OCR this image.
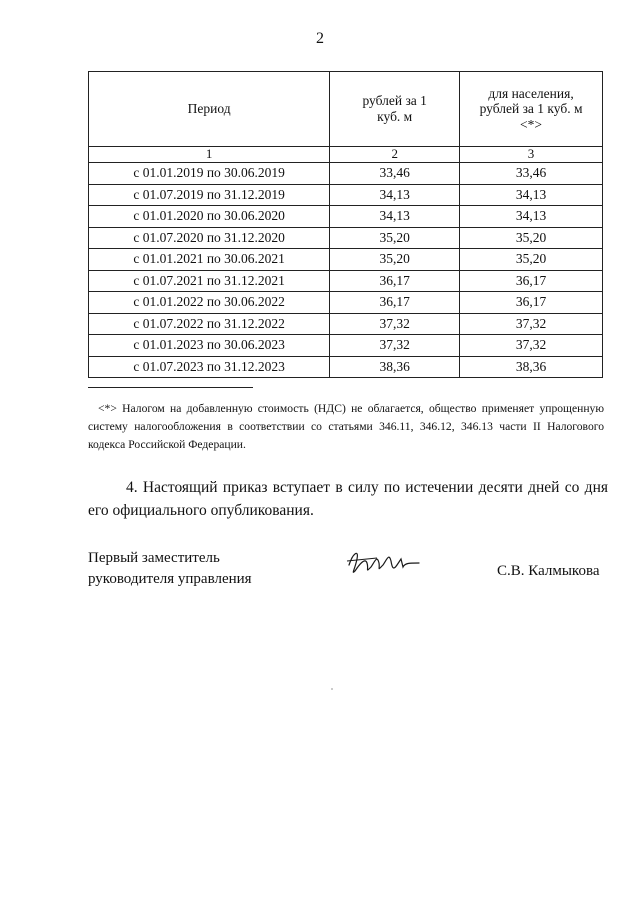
2
Период	рублей за 1 куб. м	для населения, рублей за 1 куб. м <*>

1	2	3
с 01.01.2019 по 30.06.2019	33,46	33,46
с 01.07.2019 по 31.12.2019	34,13	34,13
с 01.01.2020 по 30.06.2020	34,13	34,13
с 01.07.2020 по 31.12.2020	35,20	35,20
с 01.01.2021 по 30.06.2021	35,20	35,20
с 01.07.2021 по 31.12.2021	36,17	36,17
с 01.01.2022 по 30.06.2022	36,17	36,17
с 01.07.2022 по 31.12.2022	37,32	37,32
с 01.01.2023 по 30.06.2023	37,32	37,32
с 01.07.2023 по 31.12.2023	38,36	38,36
<*> Налогом на добавленную стоимость (НДС) не облагается, общество применяет упрощенную систему налогообложения в соответствии со статьями 346.11, 346.12, 346.13 части II Налогового кодекса Российской Федерации.
4. Настоящий приказ вступает в силу по истечении десяти дней со дня его официального опубликования.
Первый заместитель
руководителя управления	С.В. Калмыкова
